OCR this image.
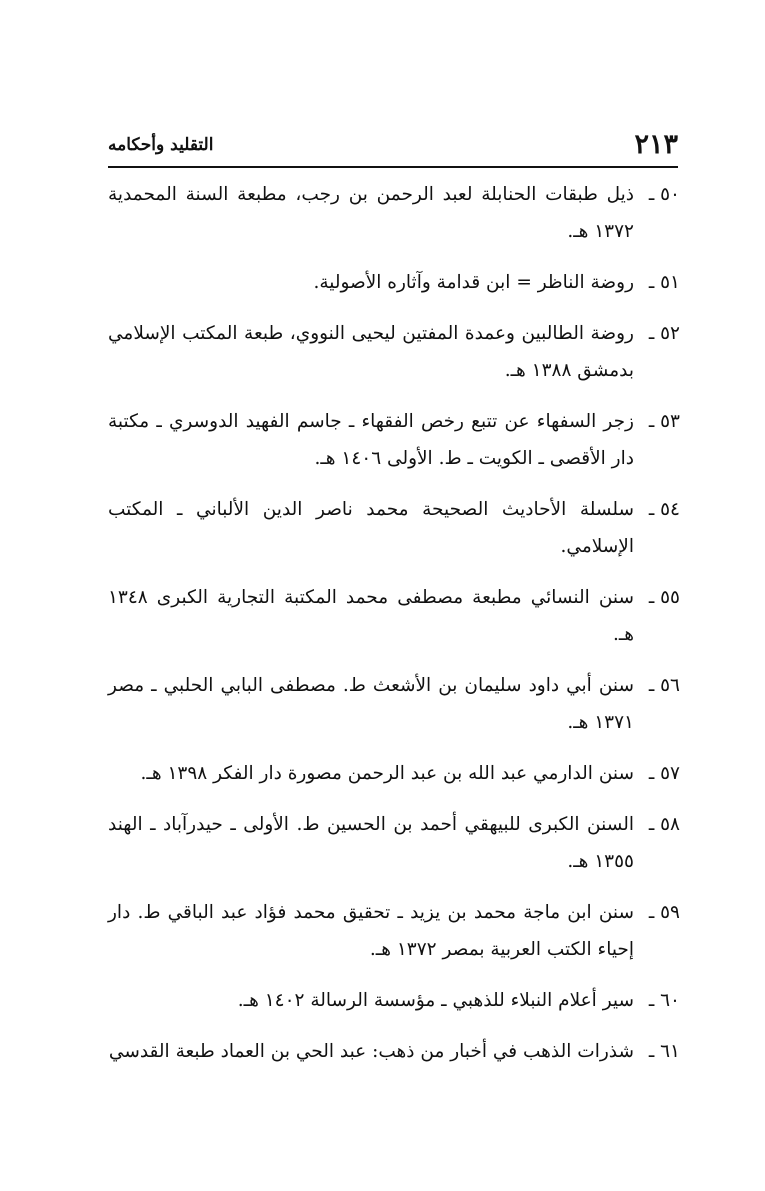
٢١٣
التقليد وأحكامه
٥٠ ـ
ذيل طبقات الحنابلة لعبد الرحمن بن رجب، مطبعة السنة المحمدية ١٣٧٢ هـ.
٥١ ـ
روضة الناظر = ابن قدامة وآثاره الأصولية.
٥٢ ـ
روضة الطالبين وعمدة المفتين ليحيى النووي، طبعة المكتب الإسلامي بدمشق ١٣٨٨ هـ.
٥٣ ـ
زجر السفهاء عن تتبع رخص الفقهاء ـ جاسم الفهيد الدوسري ـ مكتبة دار الأقصى ـ الكويت ـ ط. الأولى ١٤٠٦ هـ.
٥٤ ـ
سلسلة الأحاديث الصحيحة محمد ناصر الدين الألباني ـ المكتب الإسلامي.
٥٥ ـ
سنن النسائي مطبعة مصطفى محمد المكتبة التجارية الكبرى ١٣٤٨ هـ.
٥٦ ـ
سنن أبي داود سليمان بن الأشعث ط. مصطفى البابي الحلبي ـ مصر ١٣٧١ هـ.
٥٧ ـ
سنن الدارمي عبد الله بن عبد الرحمن مصورة دار الفكر ١٣٩٨ هـ.
٥٨ ـ
السنن الكبرى للبيهقي أحمد بن الحسين ط. الأولى ـ حيدرآباد ـ الهند ١٣٥٥ هـ.
٥٩ ـ
سنن ابن ماجة محمد بن يزيد ـ تحقيق محمد فؤاد عبد الباقي ط. دار إحياء الكتب العربية بمصر ١٣٧٢ هـ.
٦٠ ـ
سير أعلام النبلاء للذهبي ـ مؤسسة الرسالة ١٤٠٢ هـ.
٦١ ـ
شذرات الذهب في أخبار من ذهب: عبد الحي بن العماد طبعة القدسي
